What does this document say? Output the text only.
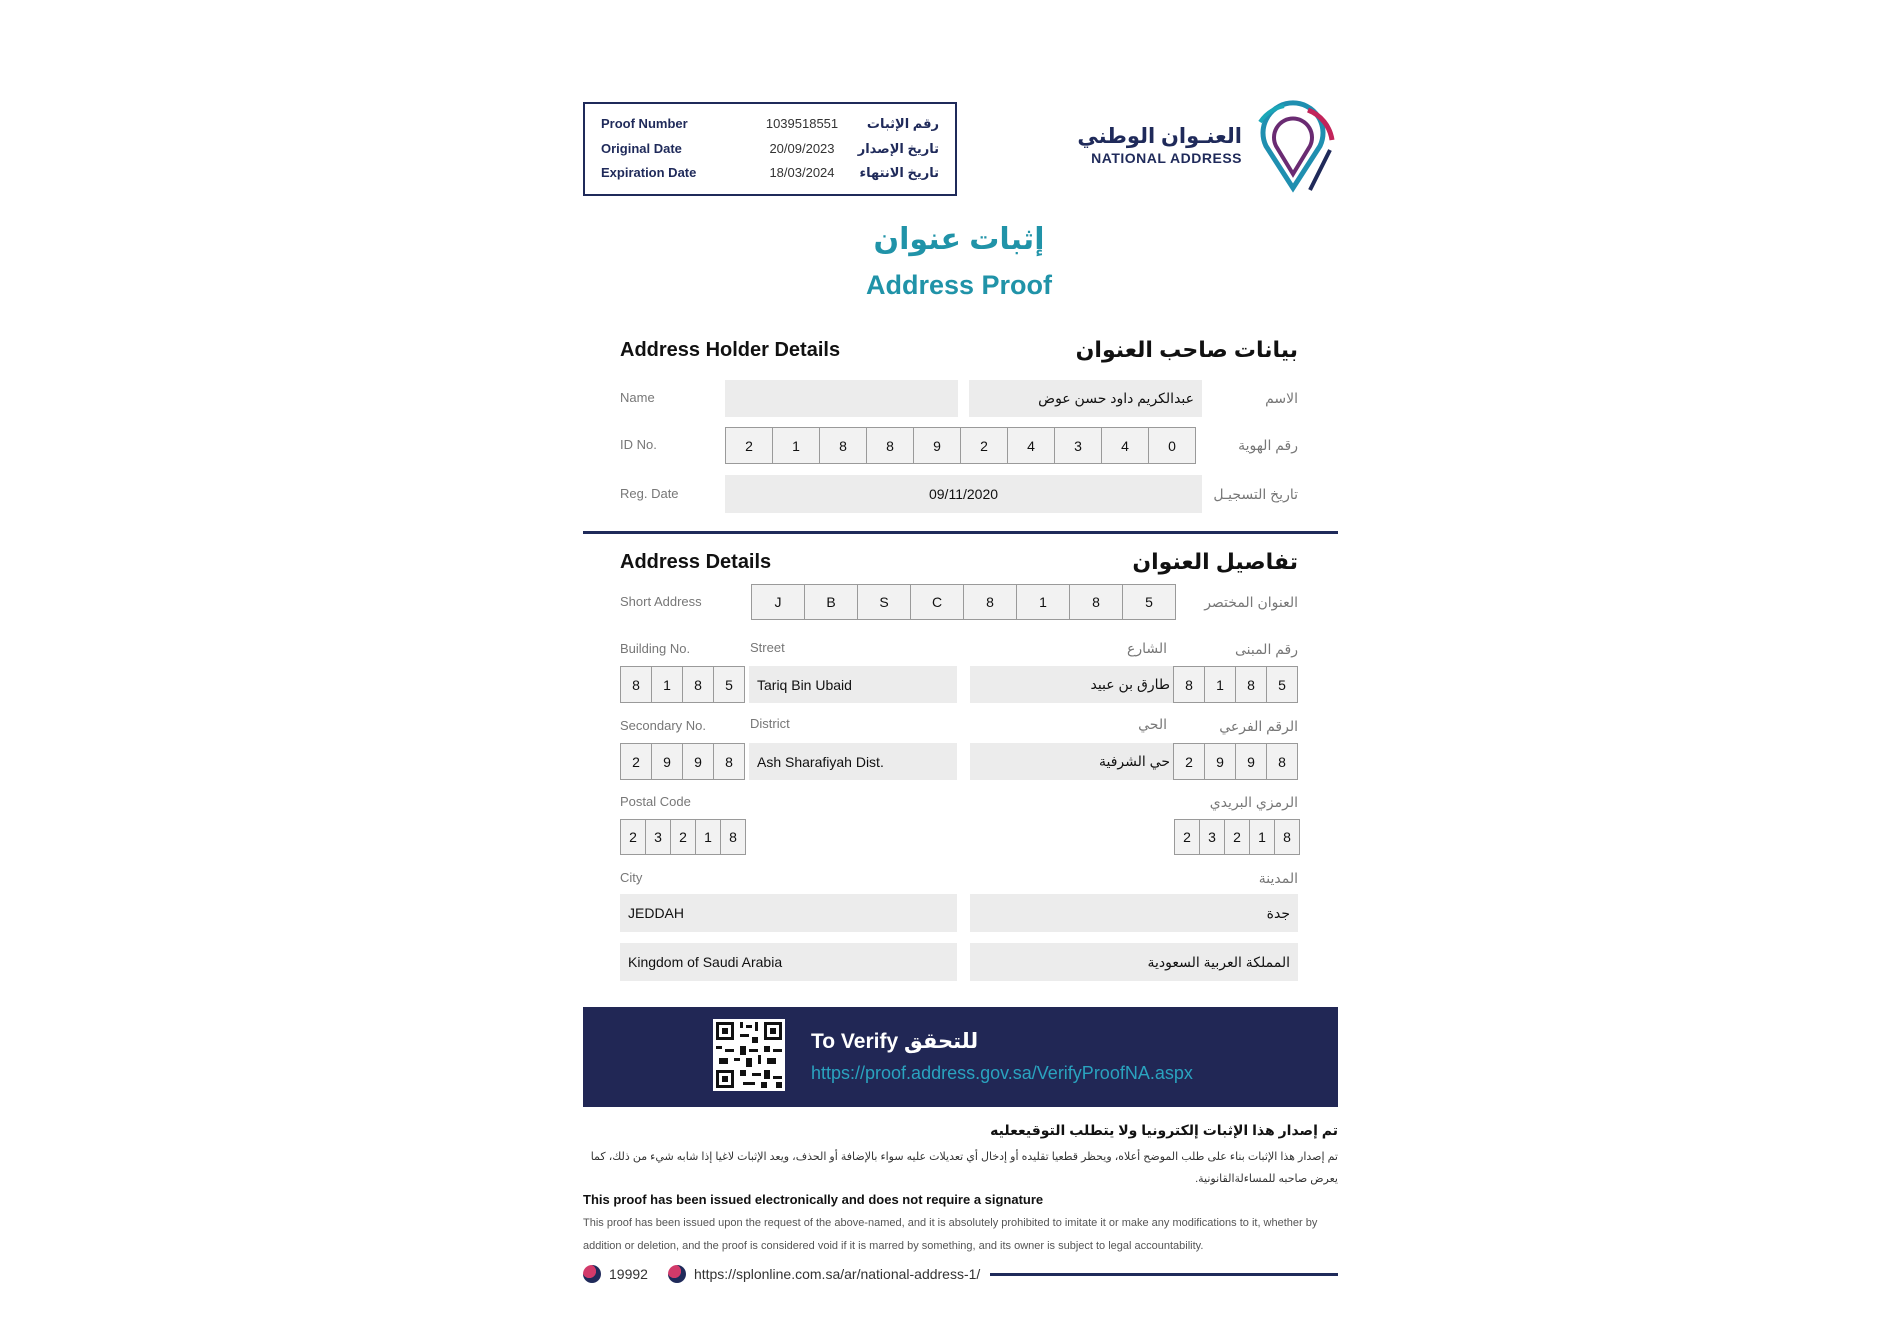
Proof Number	1039518551	رقم الإثبات
Original Date	20/09/2023	تاريخ الإصدار
Expiration Date	18/03/2024	تاريخ الانتهاء
العنـوان الوطني
NATIONAL ADDRESS
إثبات عنوان
Address Proof
Address Holder Details	بيانات صاحب العنوان
Name	عبدالكريم داود حسن عوض	الاسم
ID No.	2	1	8	8	9	2	4	3	4	0	رقم الهوية
Reg. Date	09/11/2020	تاريخ التسجيـل
Address Details	تفاصيل العنوان
Short Address	J	B	S	C	8	1	8	5	العنوان المختصر
Building No.	Street	الشارع	رقم المبنى
8	1	8	5	Tariq Bin Ubaid	طارق بن عبيد	8	1	8	5
Secondary No.	District	الحي	الرقم الفرعي
2	9	9	8	Ash Sharafiyah Dist.	حي الشرفية	2	9	9	8
Postal Code	الرمزي البريدي
2	3	2	1	8	2	3	2	1	8
City	المدينة
JEDDAH	جدة
Kingdom of Saudi Arabia	المملكة العربية السعودية
To Verify للتحقق
https://proof.address.gov.sa/VerifyProofNA.aspx
تم إصدار هذا الإثبات إلكترونيا ولا يتطلب التوقيععليه
تم إصدار هذا الإثبات بناء على طلب الموضح أعلاه، ويحظر قطعيا تقليده أو إدخال أي تعديلات عليه سواء بالإضافة أو الحذف، ويعد الإثبات لاغيا إذا شابه شيء من ذلك، كما يعرض صاحبه للمساءلةالقانونية.
This proof has been issued electronically and does not require a signature
This proof has been issued upon the request of the above-named, and it is absolutely prohibited to imitate it or make any modifications to it, whether by addition or deletion, and the proof is considered void if it is marred by something, and its owner is subject to legal accountability.
19992	https://splonline.com.sa/ar/national-address-1/
